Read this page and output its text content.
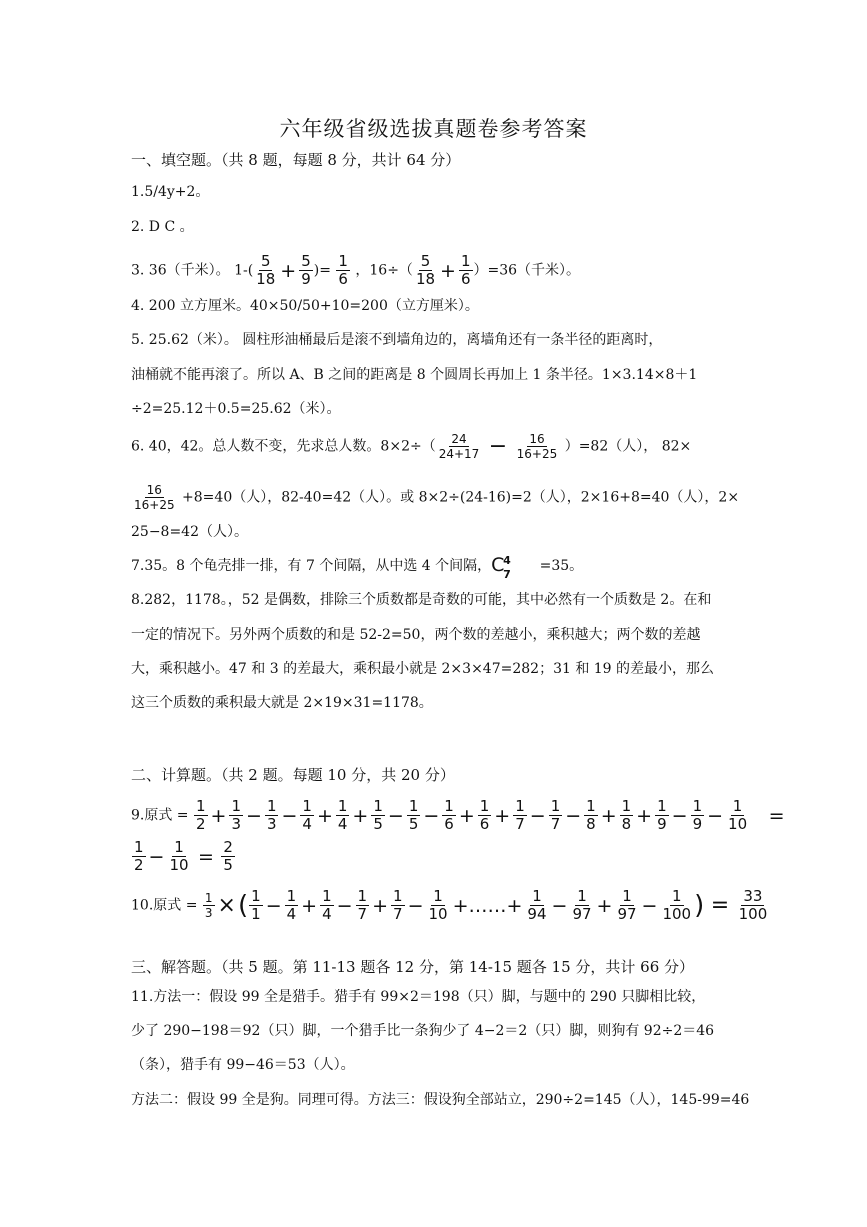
六年级省级选拔真题卷参考答案
一、填空题。（共 8 题，每题 8 分，共计 64 分）
1.5/4y+2。
2. D C 。
3. 36（千米）。 $1-( \frac{5}{18} + \frac{5}{9}$ )= $\frac{1}{6}$ ，$16\div( \frac{5}{18} + \frac{1}{6} )=36$（千米）。
4. 200 立方厘米。40×50/50+10=200（立方厘米）。
5. 25.62（米）。 圆柱形油桶最后是滚不到墙角边的，离墙角还有一条半径的距离时，
油桶就不能再滚了。所以 A、B 之间的距离是 8 个圆周长再加上 1 条半径。1×3.14×8＋1
÷2=25.12＋0.5=25.62（米）。
6. 40，42。总人数不变，先求总人数。$8\times 2\div( \frac{24}{24+17} - \frac{16}{16+25} )=82$（人）， 82×
$\frac{16}{16+25} +8=40$（人），82-40=42（人）。或 8×2÷(24-16)=2（人），2×16+8=40（人），2×
25−8=42（人）。
7.35。8 个龟壳排一排，有 7 个间隔，从中选 4 个间隔， C
4
7
=35。
8.282，1178。，52 是偶数，排除三个质数都是奇数的可能，其中必然有一个质数是 2。在和
一定的情况下。另外两个质数的和是 52-2=50，两个数的差越小，乘积越大；两个数的差越
大，乘积越小。47 和 3 的差最大，乘积最小就是 2×3×47=282；31 和 19 的差最小，那么
这三个质数的乘积最大就是 2×19×31=1178。
二、计算题。（共 2 题。每题 10 分，共 20 分）
9.原式 = $\frac{1}{2} + \frac{1}{3} - \frac{1}{3} - \frac{1}{4} + \frac{1}{4} + \frac{1}{5} - \frac{1}{5} - \frac{1}{6} + \frac{1}{6} + \frac{1}{7} - \frac{1}{7} - \frac{1}{8} + \frac{1}{8} + \frac{1}{9} - \frac{1}{9} - \frac{1}{10}$ =
$\frac{1}{2} - \frac{1}{10} = \frac{2}{5}$
10.原式 = $\frac{1}{3}$ ×( $\frac{1}{1} - \frac{1}{4} + \frac{1}{4} - \frac{1}{7} + \frac{1}{7} - \frac{1}{10}$ +……+ $\frac{1}{94} - \frac{1}{97} + \frac{1}{97} - \frac{1}{100}$ ) = $\frac{33}{100}$
三、解答题。（共 5 题。第 11-13 题各 12 分，第 14-15 题各 15 分，共计 66 分）
11.方法一：假设 99 全是猎手。猎手有 99×2＝198（只）脚，与题中的 290 只脚相比较，
少了 290−198＝92（只）脚，一个猎手比一条狗少了 4−2＝2（只）脚，则狗有 92÷2＝46
（条），猎手有 99−46＝53（人）。
方法二：假设 99 全是狗。同理可得。方法三：假设狗全部站立，290÷2=145（人），145-99=46
